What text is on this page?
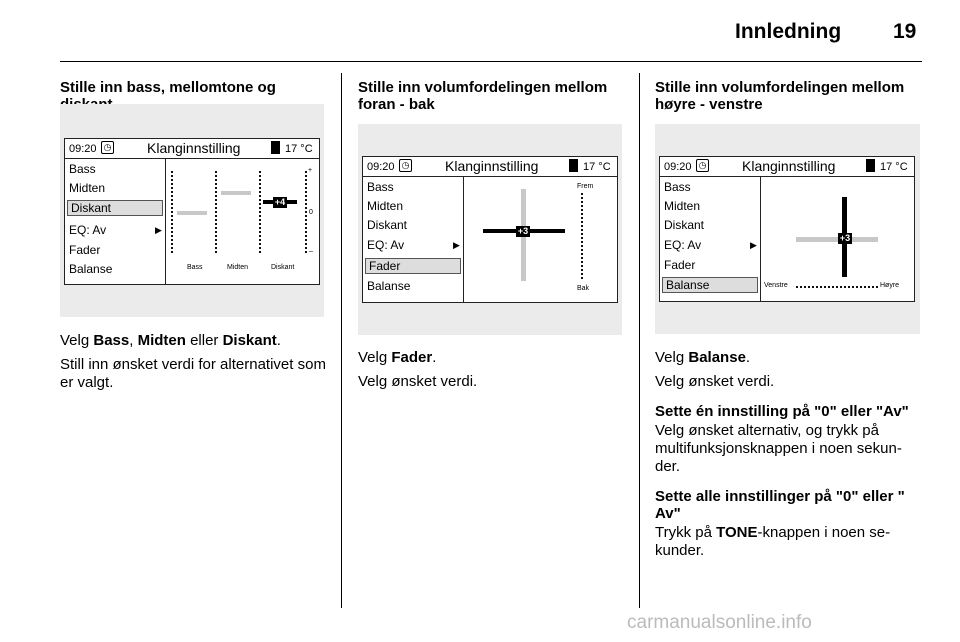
Innledning 19
Stille inn bass, mellomtone og
09:20 ◷	Klanginnstilling	17 °C
Bass
Midten
Diskant
EQ: Av	▶
Fader
Balanse
+4
+
0
–
Bass	Midten	Diskant

Velg Bass, Midten eller Diskant.

Still inn ønsket verdi for alternativet som er valgt.

Stille inn volumfordelingen mellom foran - bak
09:20 ◷	Klanginnstilling	17 °C
Bass
Midten
Diskant
EQ: Av	▶
Fader
Balanse
+3
Frem
Bak

Velg Fader.

Velg ønsket verdi.

Stille inn volumfordelingen mellom høyre - venstre
09:20 ◷	Klanginnstilling	17 °C
Bass
Midten
Diskant
EQ: Av	▶
Fader
Balanse
+3
Venstre	Høyre

Velg Balanse.

Velg ønsket verdi.

Sette én innstilling på "0" eller "Av"

Velg ønsket alternativ, og trykk på multifunksjonsknappen i noen sekun-der.

Sette alle innstillinger på "0" eller " Av"

Trykk på TONE-knappen i noen se-kunder.

carmanualsonline.info
